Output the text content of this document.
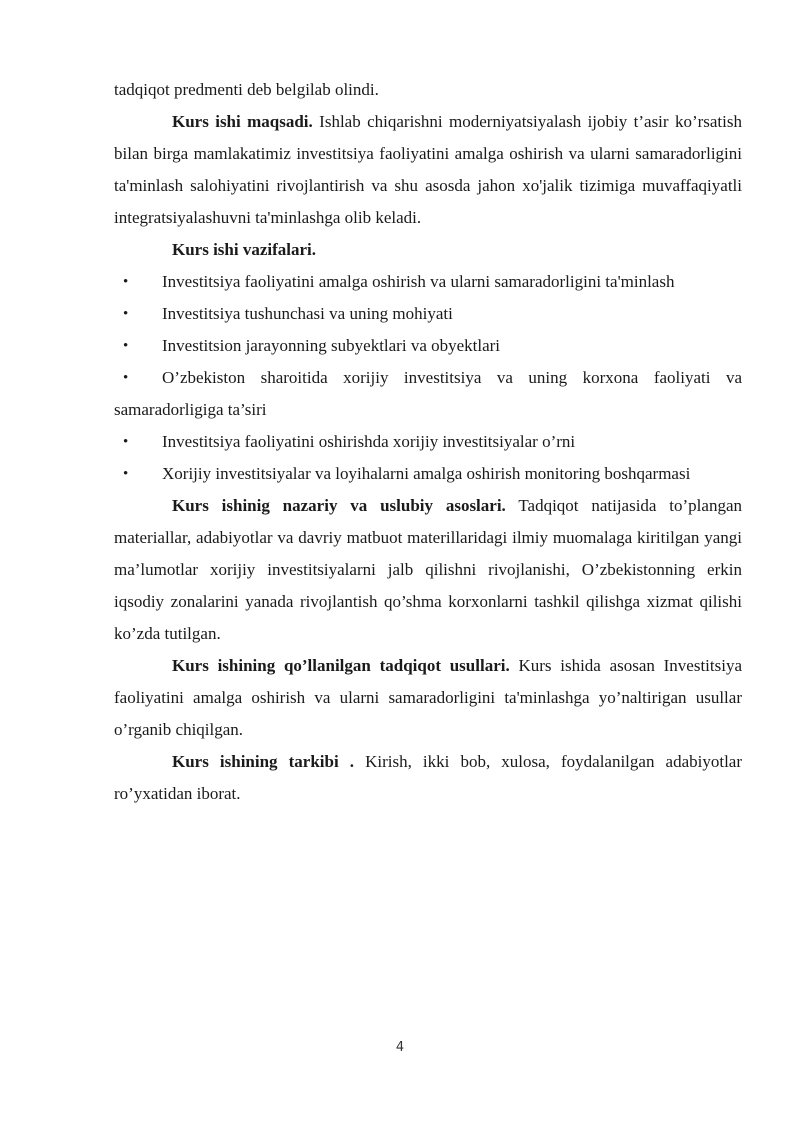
tadqiqot predmenti deb belgilab olindi.

Kurs ishi maqsadi. Ishlab chiqarishni moderniyatsiyalash ijobiy t’asir ko’rsatish bilan birga mamlakatimiz investitsiya faoliyatini amalga oshirish va ularni samaradorligini ta'minlash salohiyatini rivojlantirish va shu asosda jahon xo'jalik tizimiga muvaffaqiyatli integratsiyalashuvni ta'minlashga olib keladi.

Kurs ishi vazifalari.

• Investitsiya faoliyatini amalga oshirish va ularni samaradorligini ta'minlash
• Investitsiya tushunchasi va uning mohiyati
• Investitsion jarayonning subyektlari va obyektlari
• O’zbekiston sharoitida xorijiy investitsiya va uning korxona faoliyati va samaradorligiga ta’siri
• Investitsiya faoliyatini oshirishda xorijiy investitsiyalar o’rni
• Xorijiy investitsiyalar va loyihalarni amalga oshirish monitoring boshqarmasi

Kurs ishinig nazariy va uslubiy asoslari. Tadqiqot natijasida to’plangan materiallar, adabiyotlar va davriy matbuot materillaridagi ilmiy muomalaga kiritilgan yangi ma’lumotlar xorijiy investitsiyalarni jalb qilishni rivojlanishi, O’zbekistonning erkin iqsodiy zonalarini yanada rivojlantish qo’shma korxonlarni tashkil qilishga xizmat qilishi ko’zda tutilgan.

Kurs ishining qo’llanilgan tadqiqot usullari. Kurs ishida asosan Investitsiya faoliyatini amalga oshirish va ularni samaradorligini ta'minlashga yo’naltirigan usullar o’rganib chiqilgan.

Kurs ishining tarkibi . Kirish, ikki bob, xulosa, foydalanilgan adabiyotlar ro’yxatidan iborat.

4
